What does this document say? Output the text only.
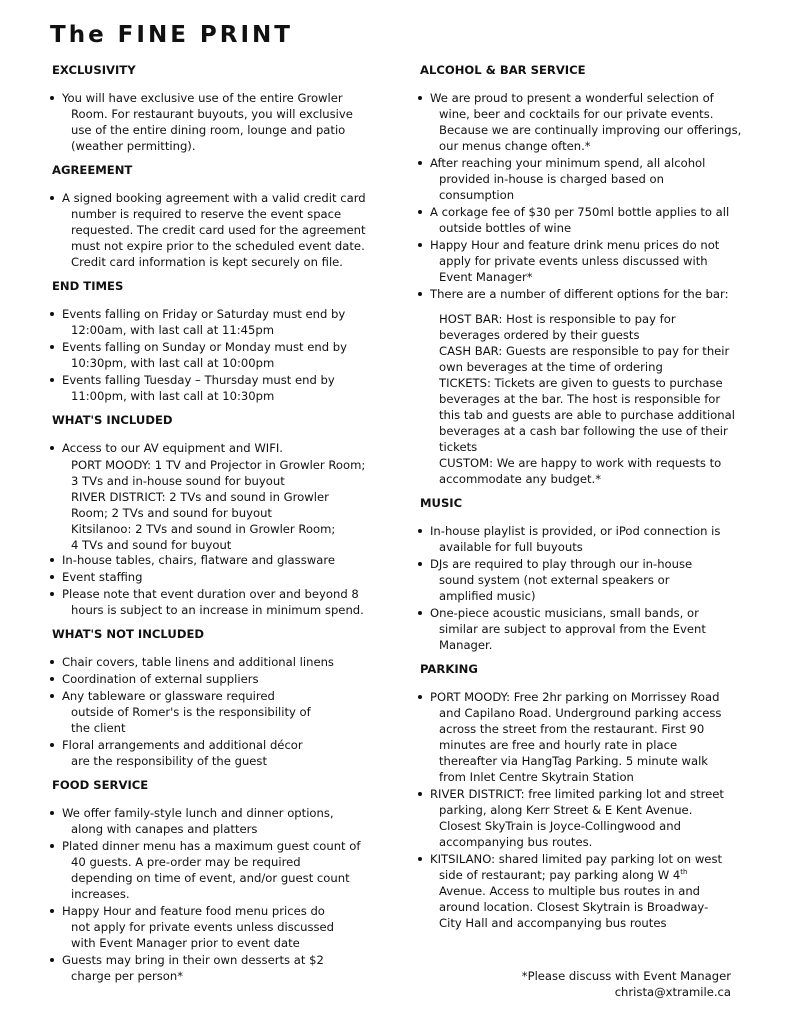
The FINE PRINT
EXCLUSIVITY
You will have exclusive use of the entire Growler
Room. For restaurant buyouts, you will exclusive
use of the entire dining room, lounge and patio
(weather permitting).
AGREEMENT
A signed booking agreement with a valid credit card
number is required to reserve the event space
requested. The credit card used for the agreement
must not expire prior to the scheduled event date.
Credit card information is kept securely on file.
END TIMES
Events falling on Friday or Saturday must end by
12:00am, with last call at 11:45pm
Events falling on Sunday or Monday must end by
10:30pm, with last call at 10:00pm
Events falling Tuesday – Thursday must end by
11:00pm, with last call at 10:30pm
WHAT'S INCLUDED
Access to our AV equipment and WIFI.
PORT MOODY: 1 TV and Projector in Growler Room;
3 TVs and in-house sound for buyout
RIVER DISTRICT: 2 TVs and sound in Growler
Room; 2 TVs and sound for buyout
Kitsilanoo: 2 TVs and sound in Growler Room;
4 TVs and sound for buyout
In-house tables, chairs, flatware and glassware
Event staffing
Please note that event duration over and beyond 8
hours is subject to an increase in minimum spend.
WHAT'S NOT INCLUDED
Chair covers, table linens and additional linens
Coordination of external suppliers
Any tableware or glassware required
outside of Romer's is the responsibility of
the client
Floral arrangements and additional décor
are the responsibility of the guest
FOOD SERVICE
We offer family-style lunch and dinner options,
along with canapes and platters
Plated dinner menu has a maximum guest count of
40 guests. A pre-order may be required
depending on time of event, and/or guest count
increases.
Happy Hour and feature food menu prices do
not apply for private events unless discussed
with Event Manager prior to event date
Guests may bring in their own desserts at $2
charge per person*
ALCOHOL & BAR SERVICE
We are proud to present a wonderful selection of
wine, beer and cocktails for our private events.
Because we are continually improving our offerings,
our menus change often.*
After reaching your minimum spend, all alcohol
provided in-house is charged based on
consumption
A corkage fee of $30 per 750ml bottle applies to all
outside bottles of wine
Happy Hour and feature drink menu prices do not
apply for private events unless discussed with
Event Manager*
There are a number of different options for the bar:
HOST BAR: Host is responsible to pay for
beverages ordered by their guests
CASH BAR: Guests are responsible to pay for their
own beverages at the time of ordering
TICKETS: Tickets are given to guests to purchase
beverages at the bar. The host is responsible for
this tab and guests are able to purchase additional
beverages at a cash bar following the use of their
tickets
CUSTOM: We are happy to work with requests to
accommodate any budget.*
MUSIC
In-house playlist is provided, or iPod connection is
available for full buyouts
DJs are required to play through our in-house
sound system (not external speakers or
amplified music)
One-piece acoustic musicians, small bands, or
similar are subject to approval from the Event
Manager.
PARKING
PORT MOODY: Free 2hr parking on Morrissey Road
and Capilano Road. Underground parking access
across the street from the restaurant. First 90
minutes are free and hourly rate in place
thereafter via HangTag Parking. 5 minute walk
from Inlet Centre Skytrain Station
RIVER DISTRICT: free limited parking lot and street
parking, along Kerr Street & E Kent Avenue.
Closest SkyTrain is Joyce-Collingwood and
accompanying bus routes.
KITSILANO: shared limited pay parking lot on west
side of restaurant; pay parking along W 4th
Avenue. Access to multiple bus routes in and
around location. Closest Skytrain is Broadway-
City Hall and accompanying bus routes
*Please discuss with Event Manager
christa@xtramile.ca
